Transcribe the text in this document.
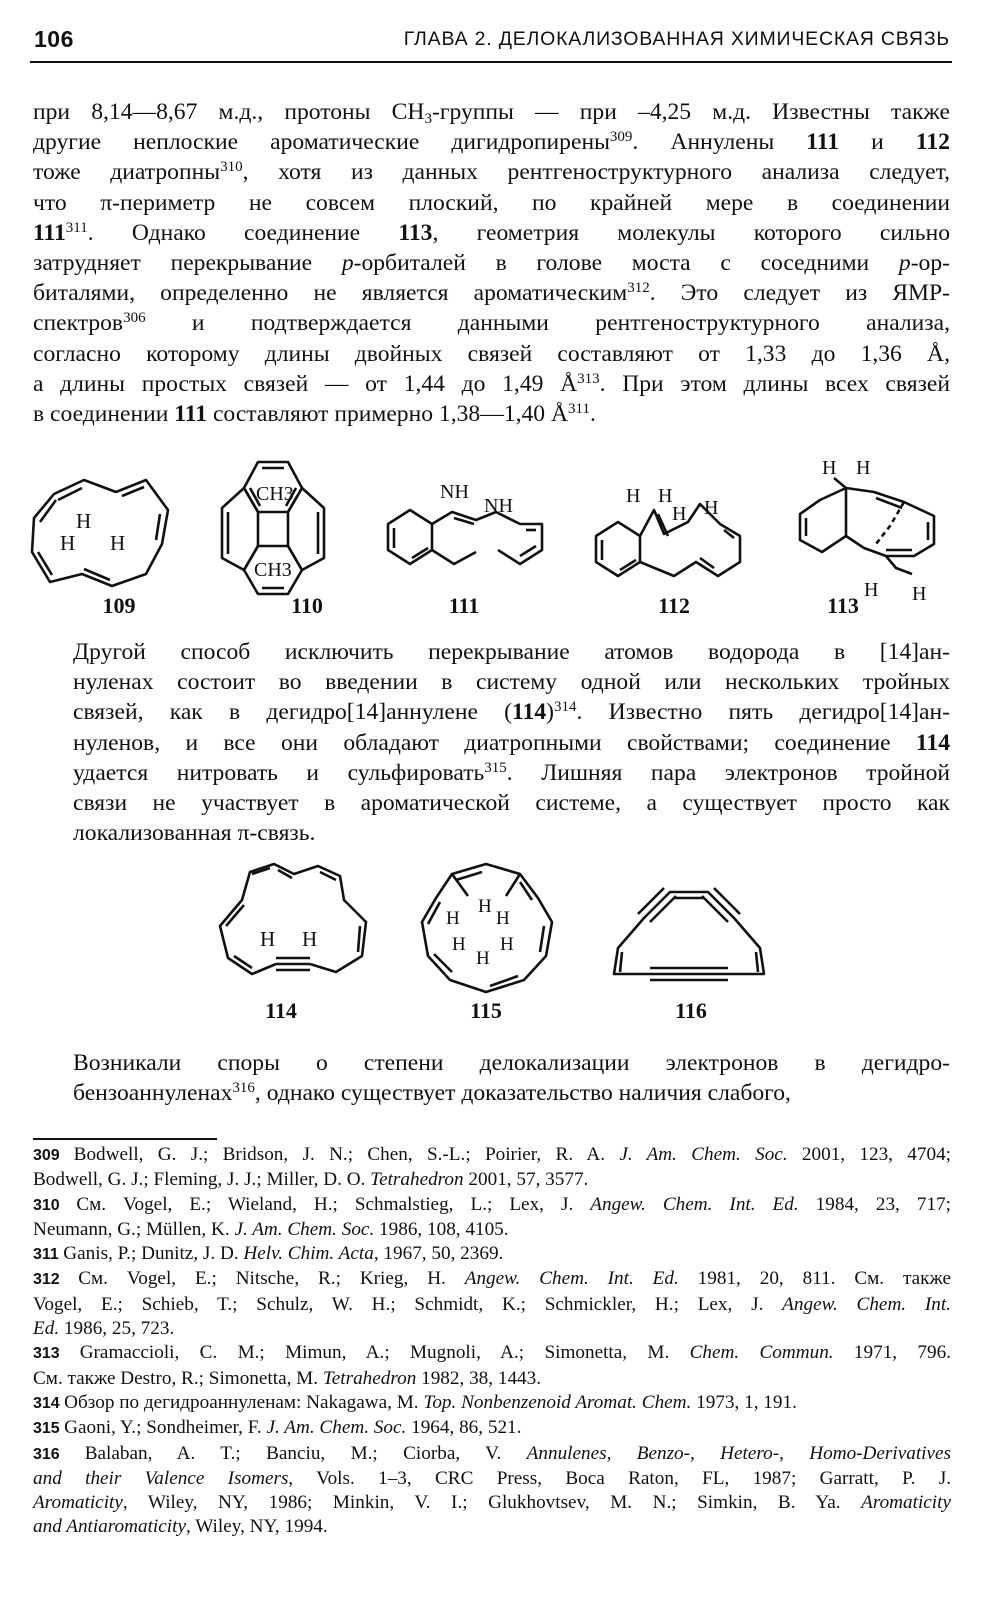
106	ГЛАВА 2. ДЕЛОКАЛИЗОВАННАЯ ХИМИЧЕСКАЯ СВЯЗЬ
при 8,14—8,67 м.д., протоны $CH_3$-группы — при –4,25 м.д. Известны также
другие неплоские ароматические дигидропирены$^{309}$. Аннулены 111 и 112
тоже диатропны$^{310}$, хотя из данных рентгеноструктурного анализа следует,
что π-периметр не совсем плоский, по крайней мере в соединении
$111^{311}$. Однако соединение 113, геометрия молекулы которого сильно
затрудняет перекрывание p-орбиталей в голове моста с соседними p-ор-
биталями, определенно не является ароматическим$^{312}$. Это следует из ЯМР-
спектров$^{306}$ и подтверждается данными рентгеноструктурного анализа,
согласно которому длины двойных связей составляют от 1,33 до 1,36 Å,
а длины простых связей — от 1,44 до 1,49 $Å^{313}$. При этом длины всех связей
в соединении 111 составляют примерно 1,38—1,40 $Å^{311}$.
H
H H
CH3
CH3
NH
NH	H H
H H
H H
H H
109	110	111	112	113
Другой способ исключить перекрывание атомов водорода в [14]ан-
нуленах состоит во введении в систему одной или нескольких тройных
связей, как в дегидро[14]аннулене $(114)^{314}$. Известно пять дегидро[14]ан-
нуленов, и все они обладают диатропными свойствами; соединение 114
удается нитровать и сульфировать$^{315}$. Лишняя пара электронов тройной
связи не участвует в ароматической системе, а существует просто как
локализованная π-связь.
H H
H
H H
H H
H
114	115	116
Возникали споры о степени делокализации электронов в дегидро-
бензоаннуленах$^{316}$, однако существует доказательство наличия слабого,
309 Bodwell, G. J.; Bridson, J. N.; Chen, S.-L.; Poirier, R. A. J. Am. Chem. Soc. 2001, 123, 4704;
Bodwell, G. J.; Fleming, J. J.; Miller, D. O. Tetrahedron 2001, 57, 3577.
310 См. Vogel, E.; Wieland, H.; Schmalstieg, L.; Lex, J. Angew. Chem. Int. Ed. 1984, 23, 717;
Neumann, G.; Müllen, K. J. Am. Chem. Soc. 1986, 108, 4105.
311 Ganis, P.; Dunitz, J. D. Helv. Chim. Acta, 1967, 50, 2369.
312 См. Vogel, E.; Nitsche, R.; Krieg, H. Angew. Chem. Int. Ed. 1981, 20, 811. См. также
Vogel, E.; Schieb, T.; Schulz, W. H.; Schmidt, K.; Schmickler, H.; Lex, J. Angew. Chem. Int.
Ed. 1986, 25, 723.
313 Gramaccioli, C. M.; Mimun, A.; Mugnoli, A.; Simonetta, M. Chem. Commun. 1971, 796.
См. также Destro, R.; Simonetta, M. Tetrahedron 1982, 38, 1443.
314 Обзор по дегидроаннуленам: Nakagawa, M. Top. Nonbenzenoid Aromat. Chem. 1973, 1, 191.
315 Gaoni, Y.; Sondheimer, F. J. Am. Chem. Soc. 1964, 86, 521.
316 Balaban, A. T.; Banciu, M.; Ciorba, V. Annulenes, Benzo-, Hetero-, Homo-Derivatives
and their Valence Isomers, Vols. 1–3, CRC Press, Boca Raton, FL, 1987; Garratt, P. J.
Aromaticity, Wiley, NY, 1986; Minkin, V. I.; Glukhovtsev, M. N.; Simkin, B. Ya. Aromaticity
and Antiaromaticity, Wiley, NY, 1994.
